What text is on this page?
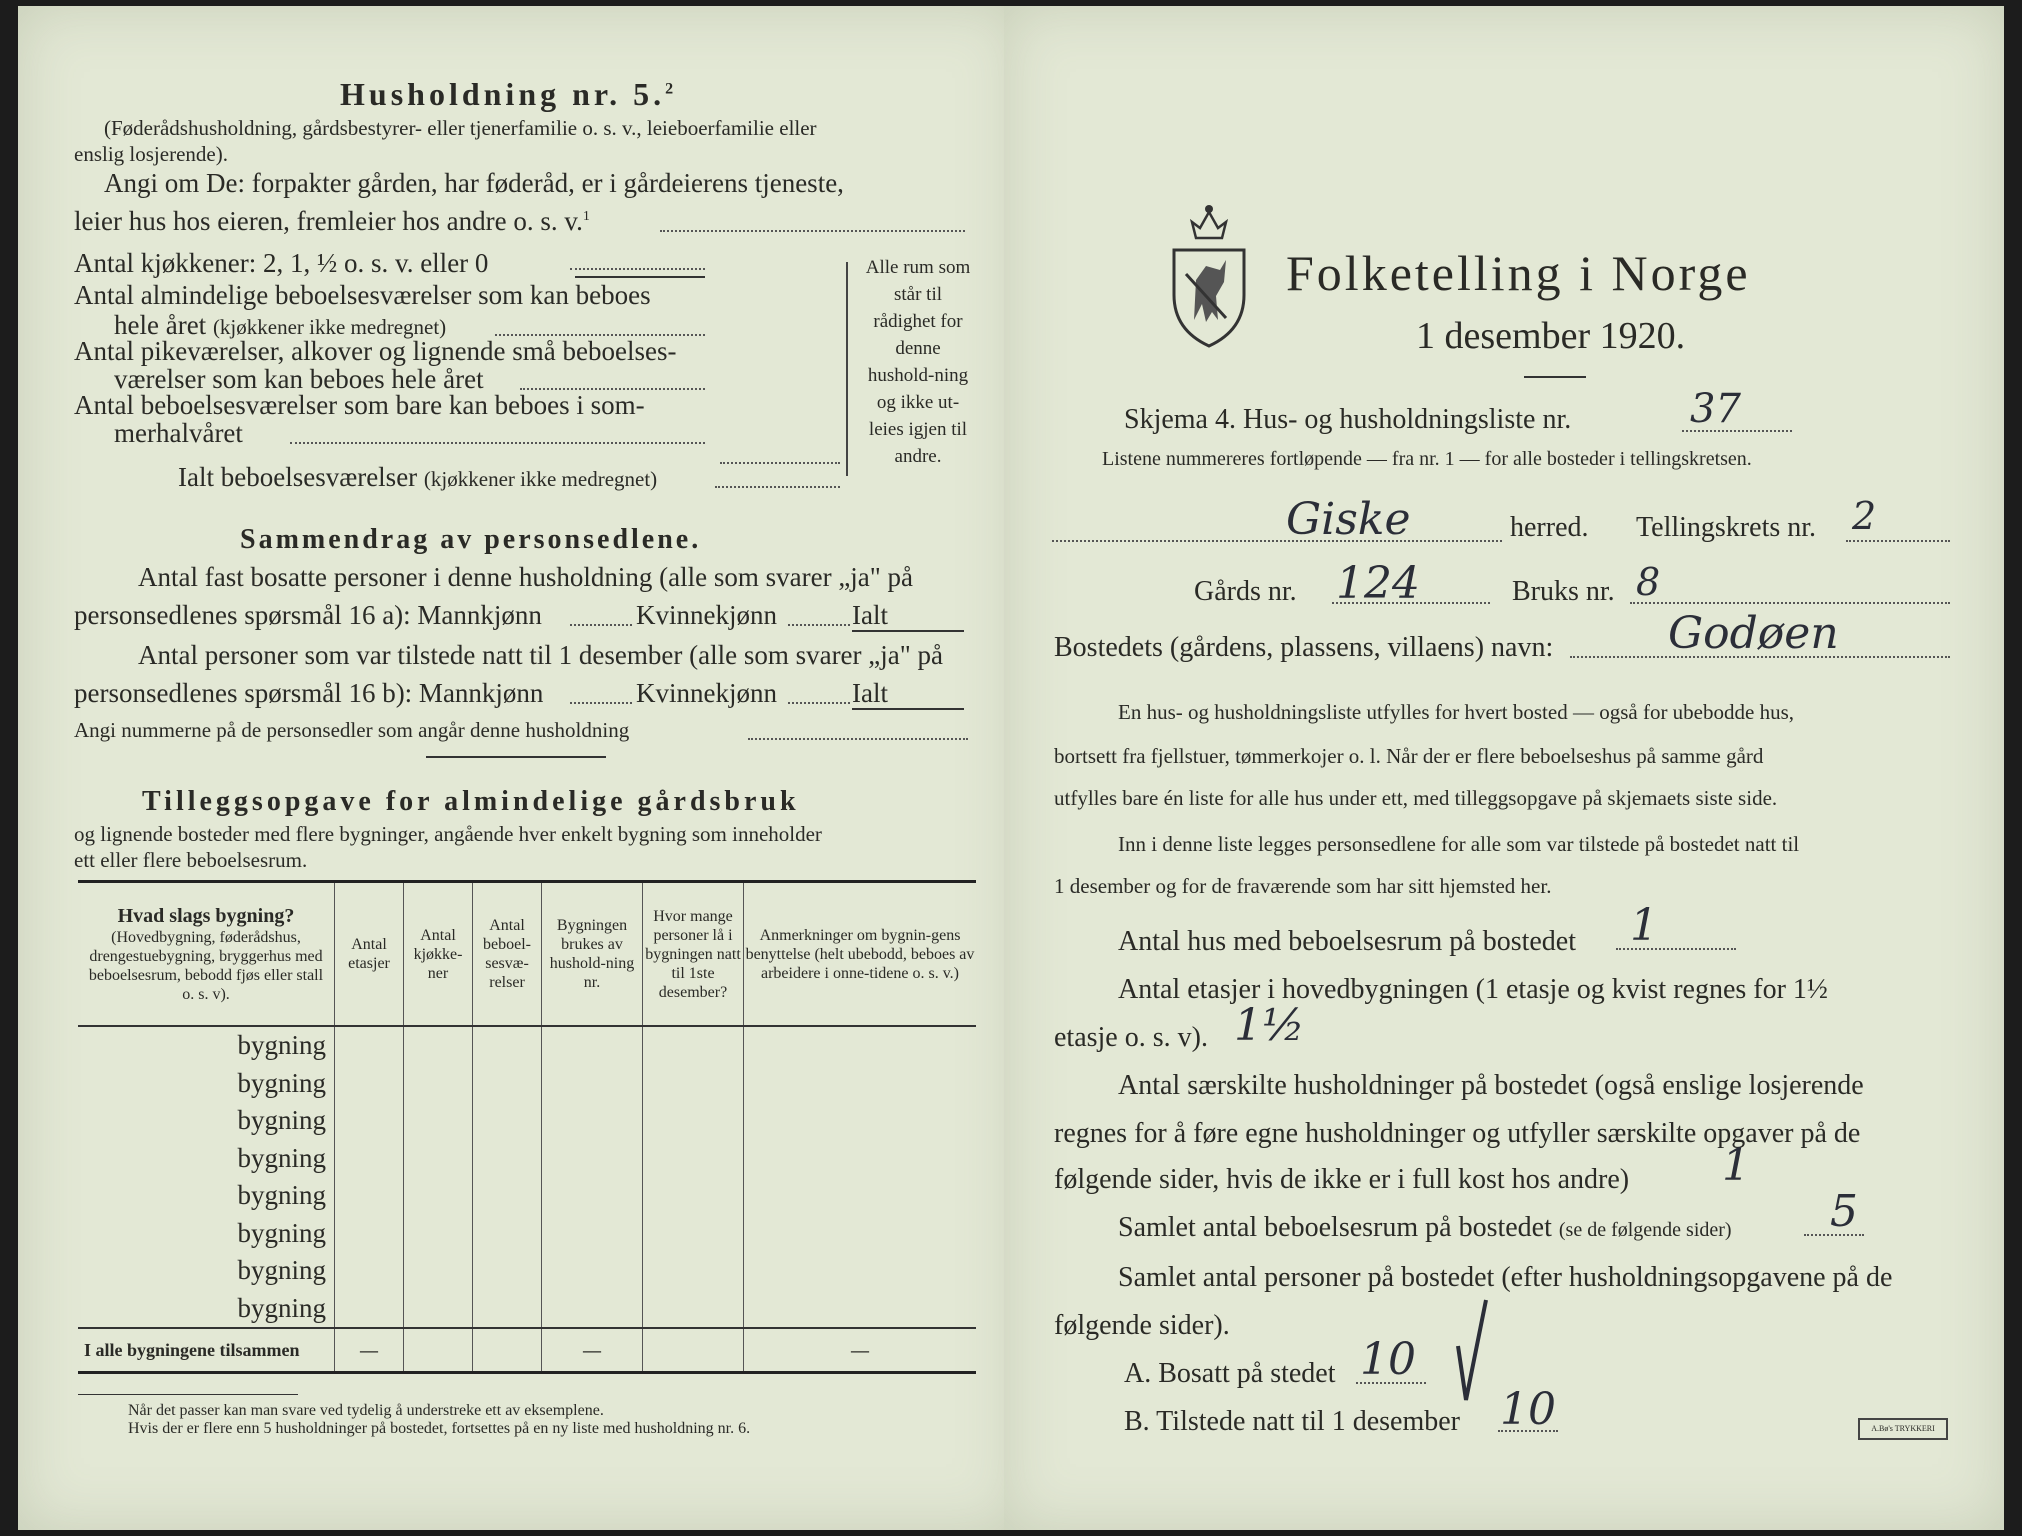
Husholdning nr. 5.$^2$
(Føderådshusholdning, gårdsbestyrer- eller tjenerfamilie o. s. v., leieboerfamilie eller
enslig losjerende).
Angi om De: forpakter gården, har føderåd, er i gårdeierens tjeneste,
leier hus hos eieren, fremleier hos andre o. s. v.$^1$
Antal kjøkkener: 2, 1, ½ o. s. v. eller 0
Antal almindelige beboelsesværelser som kan beboes
hele året (kjøkkener ikke medregnet)
Antal pikeværelser, alkover og lignende små beboelses-
værelser som kan beboes hele året
Antal beboelsesværelser som bare kan beboes i som-
merhalvåret
Ialt beboelsesværelser (kjøkkener ikke medregnet)
Alle rum som står til rådighet for denne hushold-ning og ikke ut-leies igjen til andre.
Sammendrag av personsedlene.
Antal fast bosatte personer i denne husholdning (alle som svarer „ja" på
personsedlenes spørsmål 16 a): Mannkjønn	Kvinnekjønn	Ialt
Antal personer som var tilstede natt til 1 desember (alle som svarer „ja" på
personsedlenes spørsmål 16 b): Mannkjønn	Kvinnekjønn	Ialt
Angi nummerne på de personsedler som angår denne husholdning
Tilleggsopgave for almindelige gårdsbruk
og lignende bosteder med flere bygninger, angående hver enkelt bygning som inneholder
ett eller flere beboelsesrum.
Hvad slags bygning?
(Hovedbygning, føderådshus, drengestuebygning, bryggerhus med beboelsesrum, bebodd fjøs eller stall o. s. v).	Antal etasjer	Antal kjøkke-ner	Antal beboel-sesvæ-relser	Bygningen brukes av hushold-ning nr.	Hvor mange personer lå i bygningen natt til 1ste desember?	Anmerkninger om bygnin-gens benyttelse (helt ubebodd, beboes av arbeidere i onne-tidene o. s. v.)
bygning						
bygning						
bygning						
bygning						
bygning						
bygning						
bygning						
bygning						
I alle bygningene tilsammen	—			—		—
Når det passer kan man svare ved tydelig å understreke ett av eksemplene.
Hvis der er flere enn 5 husholdninger på bostedet, fortsettes på en ny liste med husholdning nr. 6.
Folketelling i Norge
1 desember 1920.
Skjema 4. Hus- og husholdningsliste nr.	37
Listene nummereres fortløpende — fra nr. 1 — for alle bosteder i tellingskretsen.
Giske	herred. Tellingskrets nr. 2
Gårds nr. 124	Bruks nr. 8
Bostedets (gårdens, plassens, villaens) navn:	Godøen
En hus- og husholdningsliste utfylles for hvert bosted — også for ubebodde hus,
bortsett fra fjellstuer, tømmerkojer o. l. Når der er flere beboelseshus på samme gård
utfylles bare én liste for alle hus under ett, med tilleggsopgave på skjemaets siste side.
Inn i denne liste legges personsedlene for alle som var tilstede på bostedet natt til
1 desember og for de fraværende som har sitt hjemsted her.
Antal hus med beboelsesrum på bostedet 1
Antal etasjer i hovedbygningen (1 etasje og kvist regnes for 1½
etasje o. s. v). 1½
Antal særskilte husholdninger på bostedet (også enslige losjerende
regnes for å føre egne husholdninger og utfyller særskilte opgaver på de
følgende sider, hvis de ikke er i full kost hos andre) 1
Samlet antal beboelsesrum på bostedet (se de følgende sider) 5
Samlet antal personer på bostedet (efter husholdningsopgavene på de
følgende sider).
A. Bosatt på stedet 10
B. Tilstede natt til 1 desember 10	A.Bø's TRYKKERI
